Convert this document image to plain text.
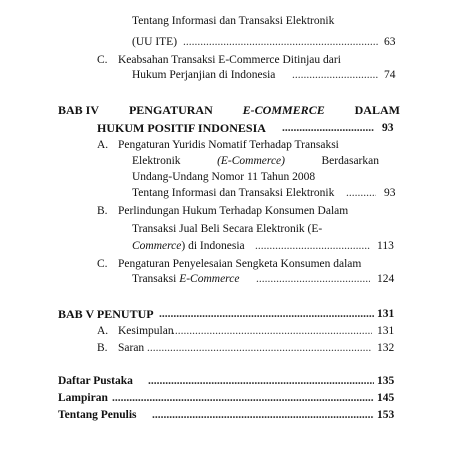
Tentang Informasi dan Transaksi Elektronik
(UU ITE) .....	63
C. Keabsahan Transaksi E-Commerce Ditinjau dari
Hukum Perjanjian di Indonesia .....	74
BAB IV PENGATURAN E-COMMERCE DALAM
HUKUM POSITIF INDONESIA .....	93
A. Pengaturan Yuridis Nomatif Terhadap Transaksi
Elektronik	(E-Commerce)	Berdasarkan
Undang-Undang Nomor 11 Tahun 2008
Tentang Informasi dan Transaksi Elektronik .....	93
B. Perlindungan Hukum Terhadap Konsumen Dalam
Transaksi Jual Beli Secara Elektronik (E-
Commerce) di Indonesia .....	113
C. Pengaturan Penyelesaian Sengketa Konsumen dalam
Transaksi E-Commerce .....	124
BAB V PENUTUP .....	131
A. Kesimpulan .....	131
B. Saran .....	132
Daftar Pustaka .....	135
Lampiran .....	145
Tentang Penulis .....	153
